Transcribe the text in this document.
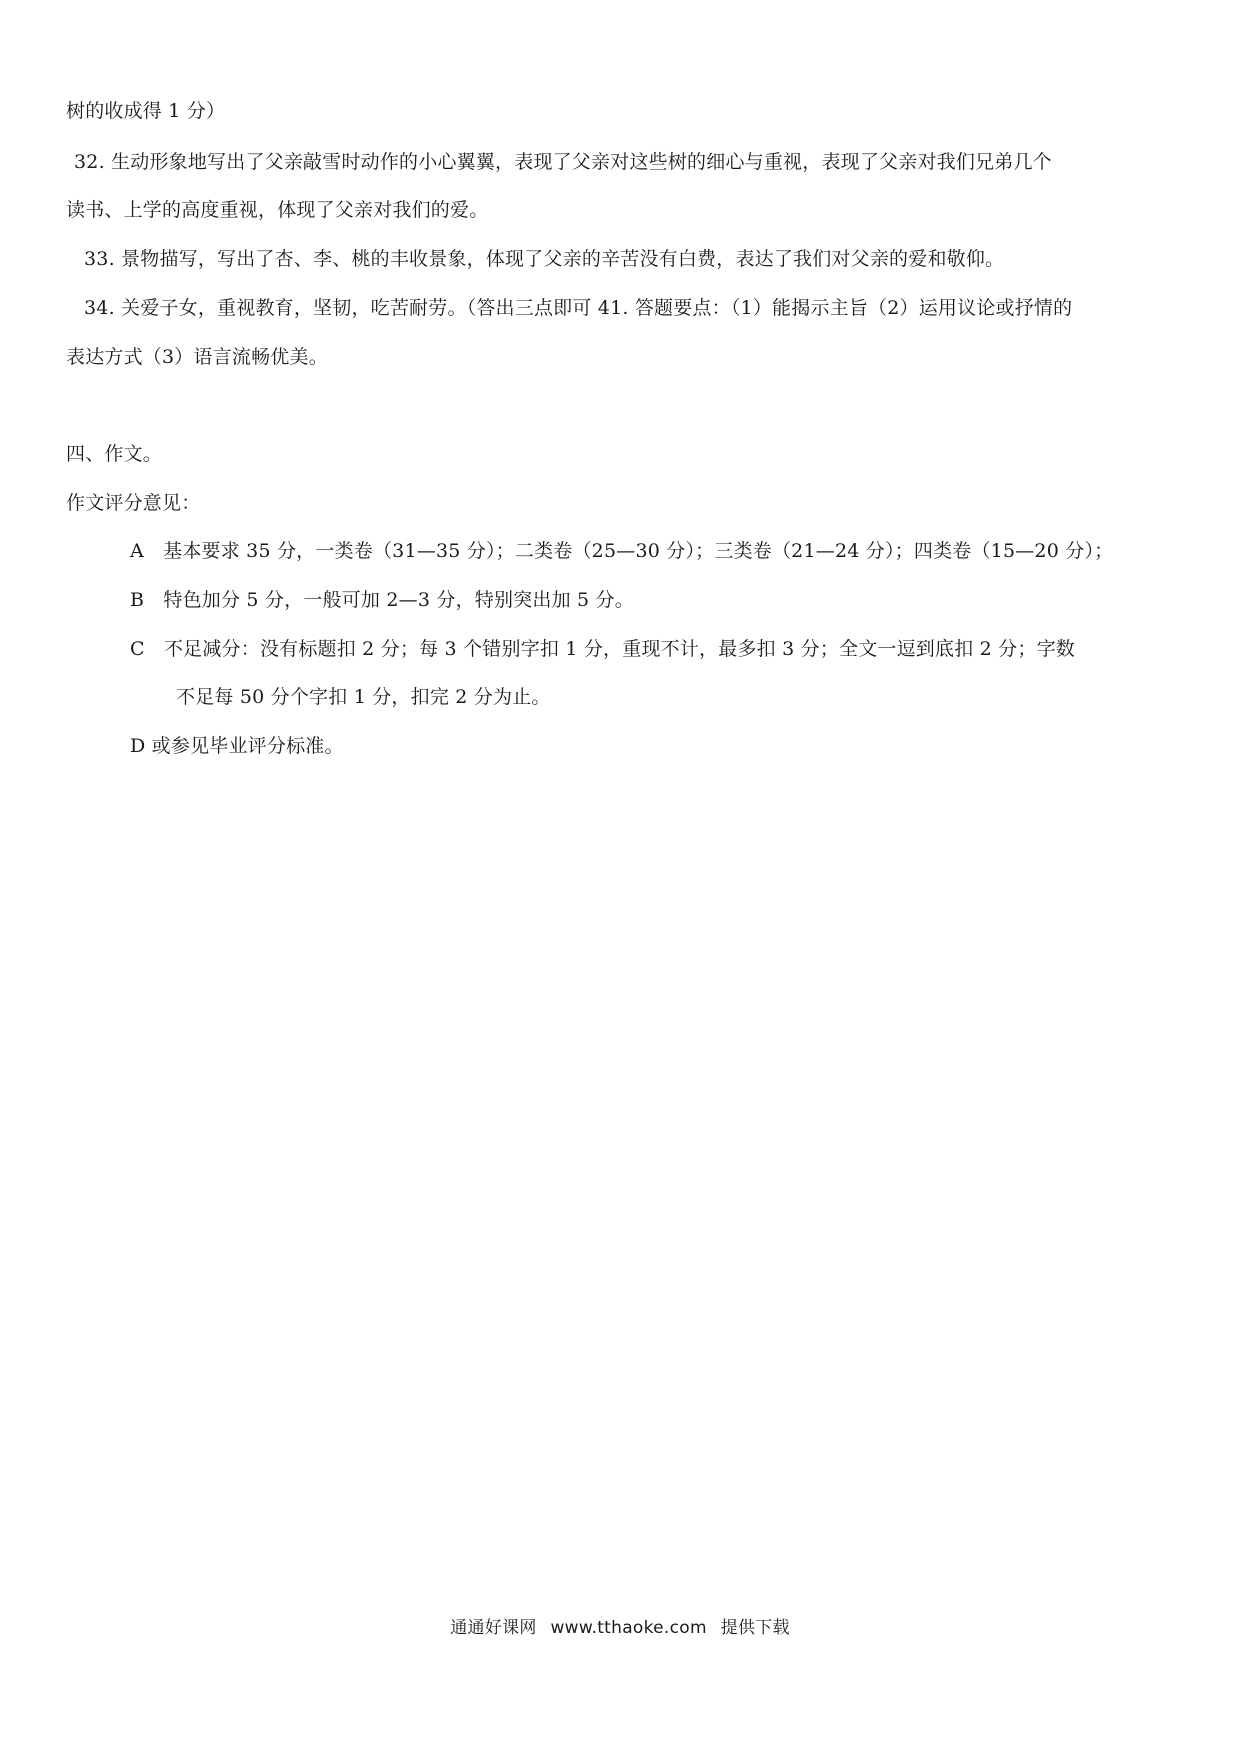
树的收成得 1 分）
32. 生动形象地写出了父亲敲雪时动作的小心翼翼，表现了父亲对这些树的细心与重视，表现了父亲对我们兄弟几个
读书、上学的高度重视，体现了父亲对我们的爱。
33. 景物描写，写出了杏、李、桃的丰收景象，体现了父亲的辛苦没有白费，表达了我们对父亲的爱和敬仰。
34. 关爱子女，重视教育，坚韧，吃苦耐劳。（答出三点即可 41. 答题要点：（1）能揭示主旨（2）运用议论或抒情的
表达方式（3）语言流畅优美。
四、作文。
作文评分意见：
A　基本要求 35 分，一类卷（31—35 分）；二类卷（25—30 分）；三类卷（21—24 分）；四类卷（15—20 分）；
B　特色加分 5 分，一般可加 2—3 分，特别突出加 5 分。
C　不足减分：没有标题扣 2 分；每 3 个错别字扣 1 分，重现不计，最多扣 3 分；全文一逗到底扣 2 分；字数
不足每 50 分个字扣 1 分，扣完 2 分为止。
D 或参见毕业评分标准。
通通好课网 www.tthaoke.com 提供下载
